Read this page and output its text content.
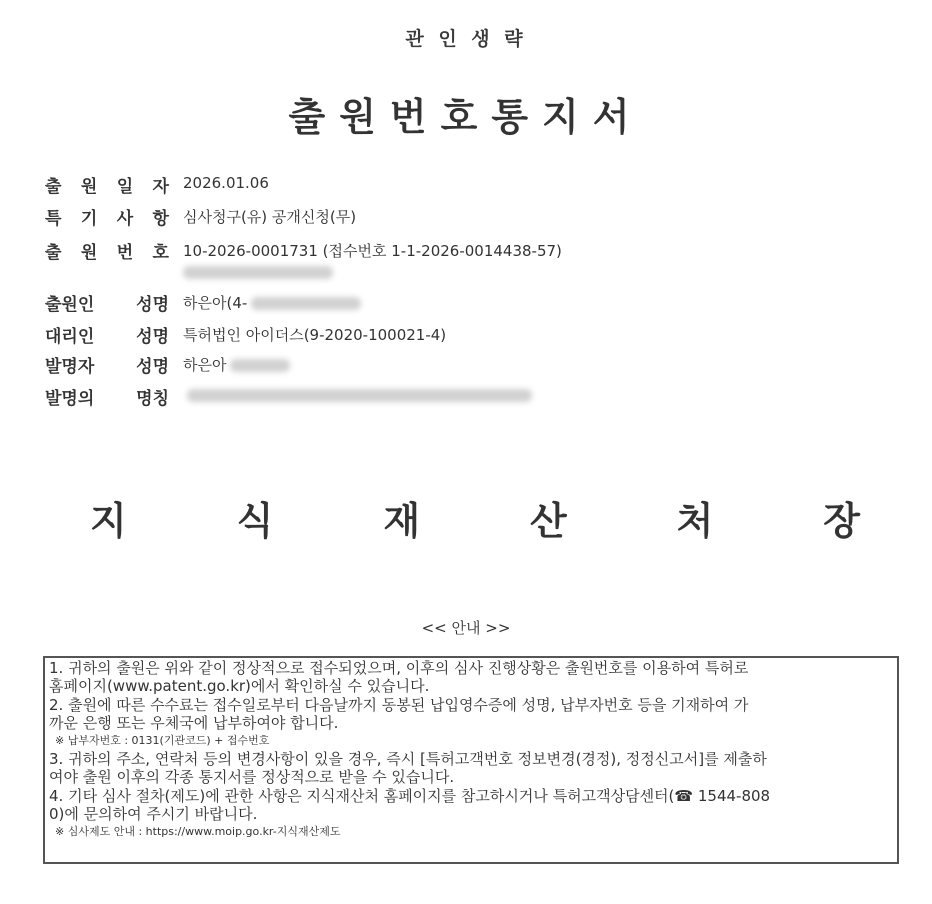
관 인 생 략
출원번호통지서
출 원 일 자 2026.01.06
특 기 사 항 심사청구(유) 공개신청(무)
출 원 번 호 10-2026-0001731 (접수번호 1-1-2026-0014438-57)
출원인 성명 하은아(4-
대리인 성명 특허법인 아이더스(9-2020-100021-4)
발명자 성명 하은아
발명의 명칭
지	식	재	산	처	장
<< 안내 >>
1. 귀하의 출원은 위와 같이 정상적으로 접수되었으며, 이후의 심사 진행상황은 출원번호를 이용하여 특허로
홈페이지(www.patent.go.kr)에서 확인하실 수 있습니다.
2. 출원에 따른 수수료는 접수일로부터 다음날까지 동봉된 납입영수증에 성명, 납부자번호 등을 기재하여 가
까운 은행 또는 우체국에 납부하여야 합니다.
※ 납부자번호 : 0131(기관코드) + 접수번호
3. 귀하의 주소, 연락처 등의 변경사항이 있을 경우, 즉시 [특허고객번호 정보변경(경정), 정정신고서]를 제출하
여야 출원 이후의 각종 통지서를 정상적으로 받을 수 있습니다.
4. 기타 심사 절차(제도)에 관한 사항은 지식재산처 홈페이지를 참고하시거나 특허고객상담센터(☎ 1544-808
0)에 문의하여 주시기 바랍니다.
※ 심사제도 안내 : https://www.moip.go.kr-지식재산제도
